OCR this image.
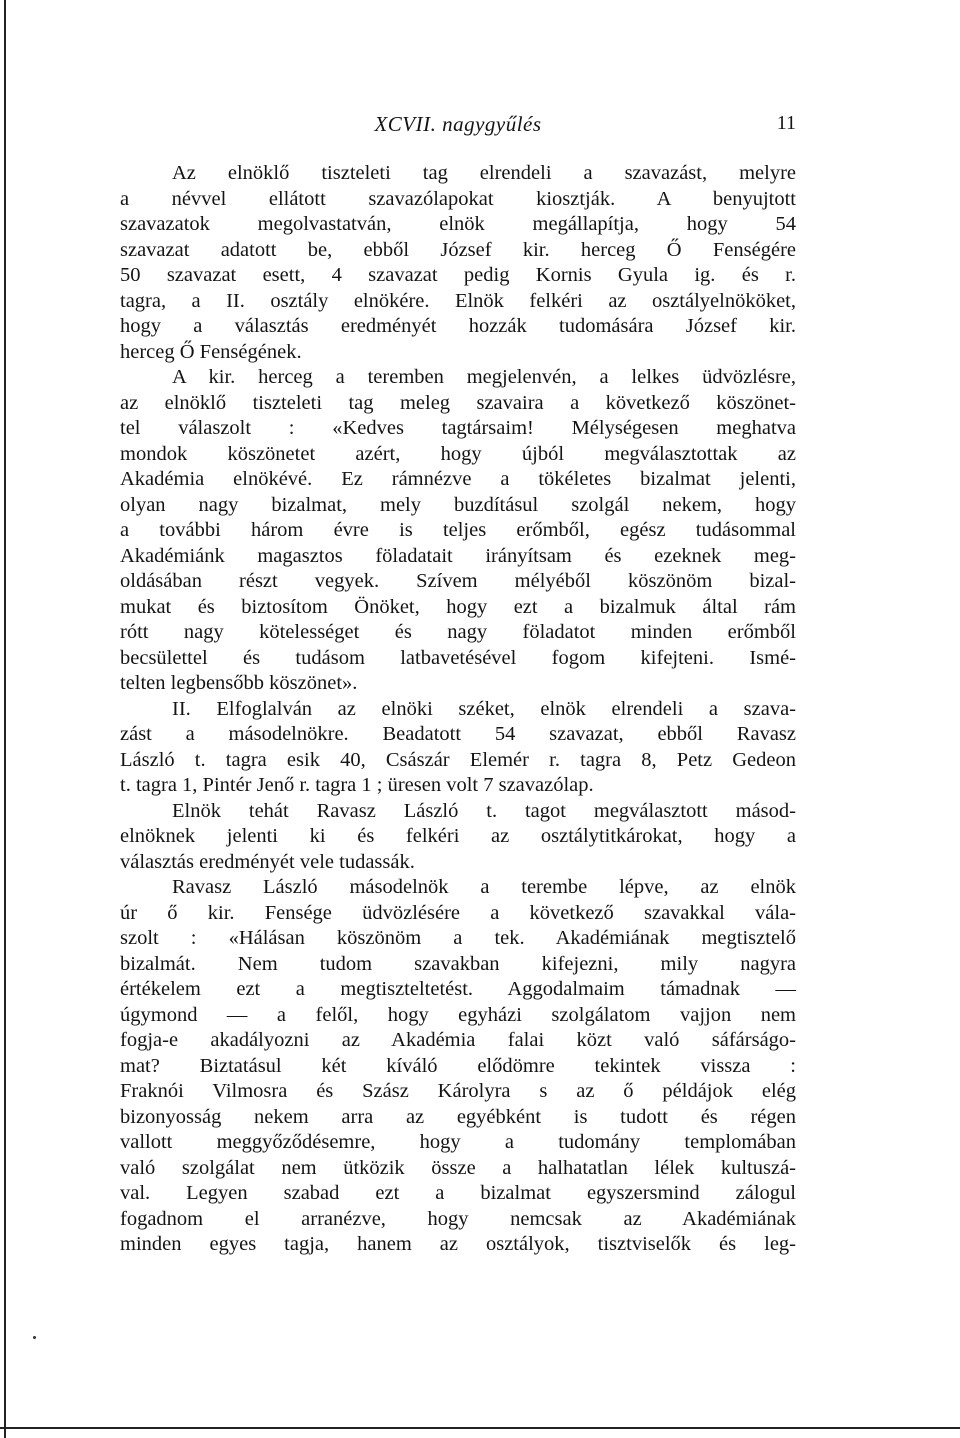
XCVII. nagygyűlés	11
Az elnöklő tiszteleti tag elrendeli a szavazást, melyre
a névvel ellátott szavazólapokat kiosztják. A benyujtott
szavazatok megolvastatván, elnök megállapítja, hogy 54
szavazat adatott be, ebből József kir. herceg Ő Fenségére
50 szavazat esett, 4 szavazat pedig Kornis Gyula ig. és r.
tagra, a II. osztály elnökére. Elnök felkéri az osztályelnököket,
hogy a választás eredményét hozzák tudomására József kir.
herceg Ő Fenségének.
A kir. herceg a teremben megjelenvén, a lelkes üdvözlésre,
az elnöklő tiszteleti tag meleg szavaira a következő köszönet-
tel válaszolt : «Kedves tagtársaim! Mélységesen meghatva
mondok köszönetet azért, hogy újból megválasztottak az
Akadémia elnökévé. Ez rámnézve a tökéletes bizalmat jelenti,
olyan nagy bizalmat, mely buzdításul szolgál nekem, hogy
a további három évre is teljes erőmből, egész tudásommal
Akadémiánk magasztos föladatait irányítsam és ezeknek meg-
oldásában részt vegyek. Szívem mélyéből köszönöm bizal-
mukat és biztosítom Önöket, hogy ezt a bizalmuk által rám
rótt nagy kötelességet és nagy föladatot minden erőmből
becsülettel és tudásom latbavetésével fogom kifejteni. Ismé-
telten legbensőbb köszönet».
II. Elfoglalván az elnöki széket, elnök elrendeli a szava-
zást a másodelnökre. Beadatott 54 szavazat, ebből Ravasz
László t. tagra esik 40, Császár Elemér r. tagra 8, Petz Gedeon
t. tagra 1, Pintér Jenő r. tagra 1 ; üresen volt 7 szavazólap.
Elnök tehát Ravasz László t. tagot megválasztott másod-
elnöknek jelenti ki és felkéri az osztálytitkárokat, hogy a
választás eredményét vele tudassák.
Ravasz László másodelnök a terembe lépve, az elnök
úr ő kir. Fensége üdvözlésére a következő szavakkal vála-
szolt : «Hálásan köszönöm a tek. Akadémiának megtisztelő
bizalmát. Nem tudom szavakban kifejezni, mily nagyra
értékelem ezt a megtiszteltetést. Aggodalmaim támadnak —
úgymond — a felől, hogy egyházi szolgálatom vajjon nem
fogja-e akadályozni az Akadémia falai közt való sáfárságo-
mat? Biztatásul két kíváló elődömre tekintek vissza :
Fraknói Vilmosra és Szász Károlyra s az ő példájok elég
bizonyosság nekem arra az egyébként is tudott és régen
vallott meggyőződésemre, hogy a tudomány templomában
való szolgálat nem ütközik össze a halhatatlan lélek kultuszá-
val. Legyen szabad ezt a bizalmat egyszersmind zálogul
fogadnom el arranézve, hogy nemcsak az Akadémiának
minden egyes tagja, hanem az osztályok, tisztviselők és leg-
